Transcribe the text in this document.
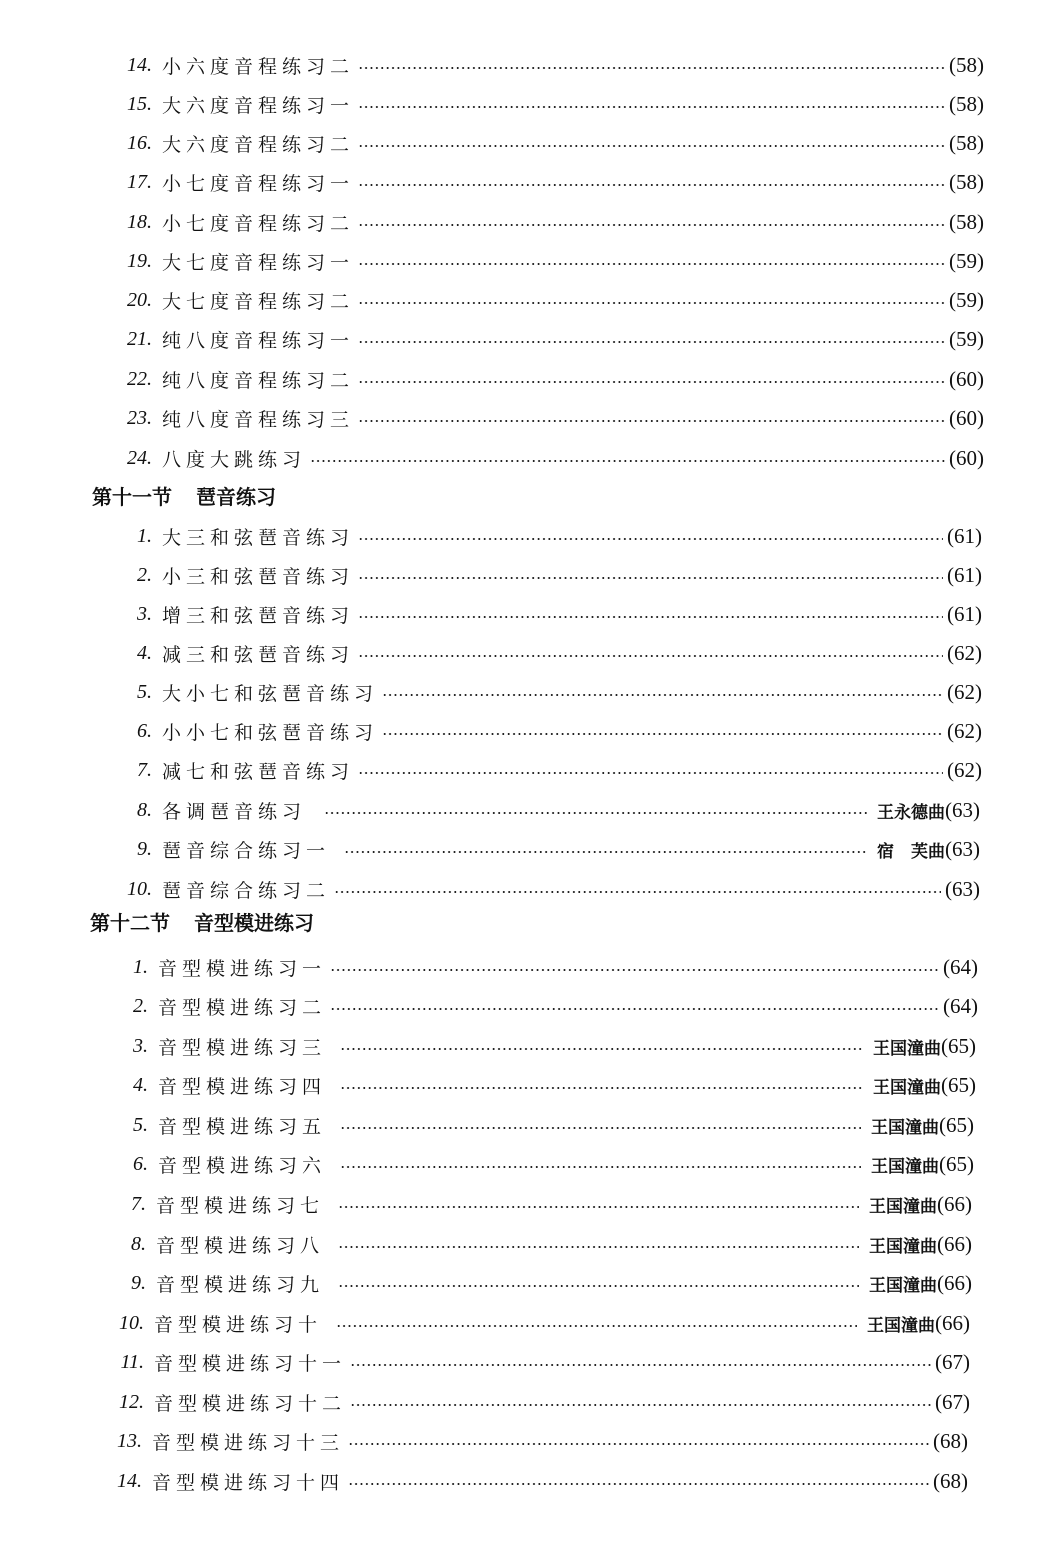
14. 小六度音程练习二	(58)
15. 大六度音程练习一	(58)
16. 大六度音程练习二	(58)
17. 小七度音程练习一	(58)
18. 小七度音程练习二	(58)
19. 大七度音程练习一	(59)
20. 大七度音程练习二	(59)
21. 纯八度音程练习一	(59)
22. 纯八度音程练习二	(60)
23. 纯八度音程练习三	(60)
24. 八度大跳练习	(60)
第十一节 琶音练习
1. 大三和弦琶音练习	(61)
2. 小三和弦琶音练习	(61)
3. 增三和弦琶音练习	(61)
4. 减三和弦琶音练习	(62)
5. 大小七和弦琶音练习	(62)
6. 小小七和弦琶音练习	(62)
7. 减七和弦琶音练习	(62)
8. 各调琶音练习	王永德曲 (63)
9. 琶音综合练习一	宿　芙曲 (63)
10. 琶音综合练习二	(63)
第十二节 音型模进练习
1. 音型模进练习一	(64)
2. 音型模进练习二	(64)
3. 音型模进练习三	王国潼曲 (65)
4. 音型模进练习四	王国潼曲 (65)
5. 音型模进练习五	王国潼曲 (65)
6. 音型模进练习六	王国潼曲 (65)
7. 音型模进练习七	王国潼曲 (66)
8. 音型模进练习八	王国潼曲 (66)
9. 音型模进练习九	王国潼曲 (66)
10. 音型模进练习十	王国潼曲 (66)
11. 音型模进练习十一	(67)
12. 音型模进练习十二	(67)
13. 音型模进练习十三	(68)
14. 音型模进练习十四	(68)
